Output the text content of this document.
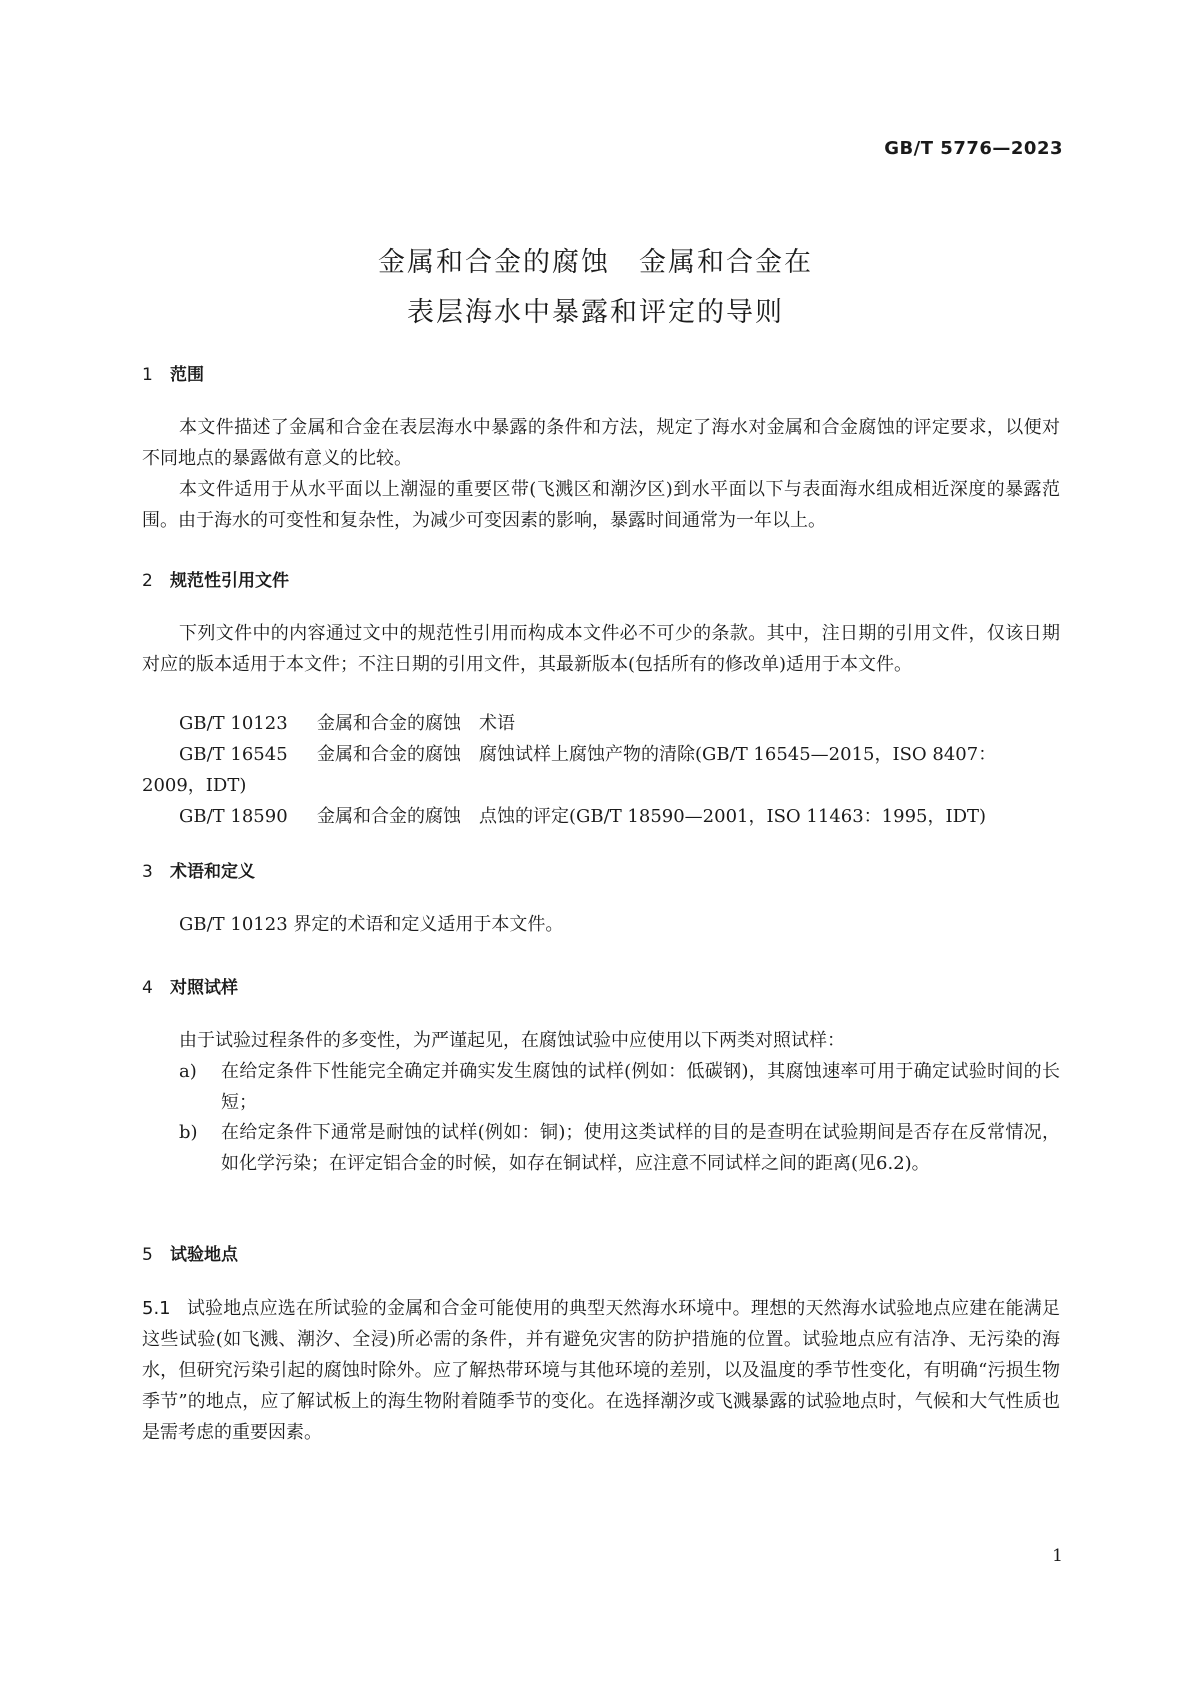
GB/T 5776—2023
金属和合金的腐蚀　金属和合金在
表层海水中暴露和评定的导则
1 范围
本文件描述了金属和合金在表层海水中暴露的条件和方法，规定了海水对金属和合金腐蚀的评定要求，以便对不同地点的暴露做有意义的比较。
本文件适用于从水平面以上潮湿的重要区带(飞溅区和潮汐区)到水平面以下与表面海水组成相近深度的暴露范围。由于海水的可变性和复杂性，为减少可变因素的影响，暴露时间通常为一年以上。
2 规范性引用文件
下列文件中的内容通过文中的规范性引用而构成本文件必不可少的条款。其中，注日期的引用文件，仅该日期对应的版本适用于本文件；不注日期的引用文件，其最新版本(包括所有的修改单)适用于本文件。
GB/T 10123 金属和合金的腐蚀　术语
GB/T 16545 金属和合金的腐蚀　腐蚀试样上腐蚀产物的清除(GB/T 16545—2015，ISO 8407：
2009，IDT)
GB/T 18590 金属和合金的腐蚀　点蚀的评定(GB/T 18590—2001，ISO 11463：1995，IDT)
3 术语和定义
GB/T 10123 界定的术语和定义适用于本文件。
4 对照试样
由于试验过程条件的多变性，为严谨起见，在腐蚀试验中应使用以下两类对照试样：
a)	在给定条件下性能完全确定并确实发生腐蚀的试样(例如：低碳钢)，其腐蚀速率可用于确定试验时间的长短；
b)	在给定条件下通常是耐蚀的试样(例如：铜)；使用这类试样的目的是查明在试验期间是否存在反常情况，如化学污染；在评定铝合金的时候，如存在铜试样，应注意不同试样之间的距离(见6.2)。
5 试验地点
5.1 试验地点应选在所试验的金属和合金可能使用的典型天然海水环境中。理想的天然海水试验地点应建在能满足这些试验(如飞溅、潮汐、全浸)所必需的条件，并有避免灾害的防护措施的位置。试验地点应有洁净、无污染的海水，但研究污染引起的腐蚀时除外。应了解热带环境与其他环境的差别，以及温度的季节性变化，有明确“污损生物季节”的地点，应了解试板上的海生物附着随季节的变化。在选择潮汐或飞溅暴露的试验地点时，气候和大气性质也是需考虑的重要因素。
1
